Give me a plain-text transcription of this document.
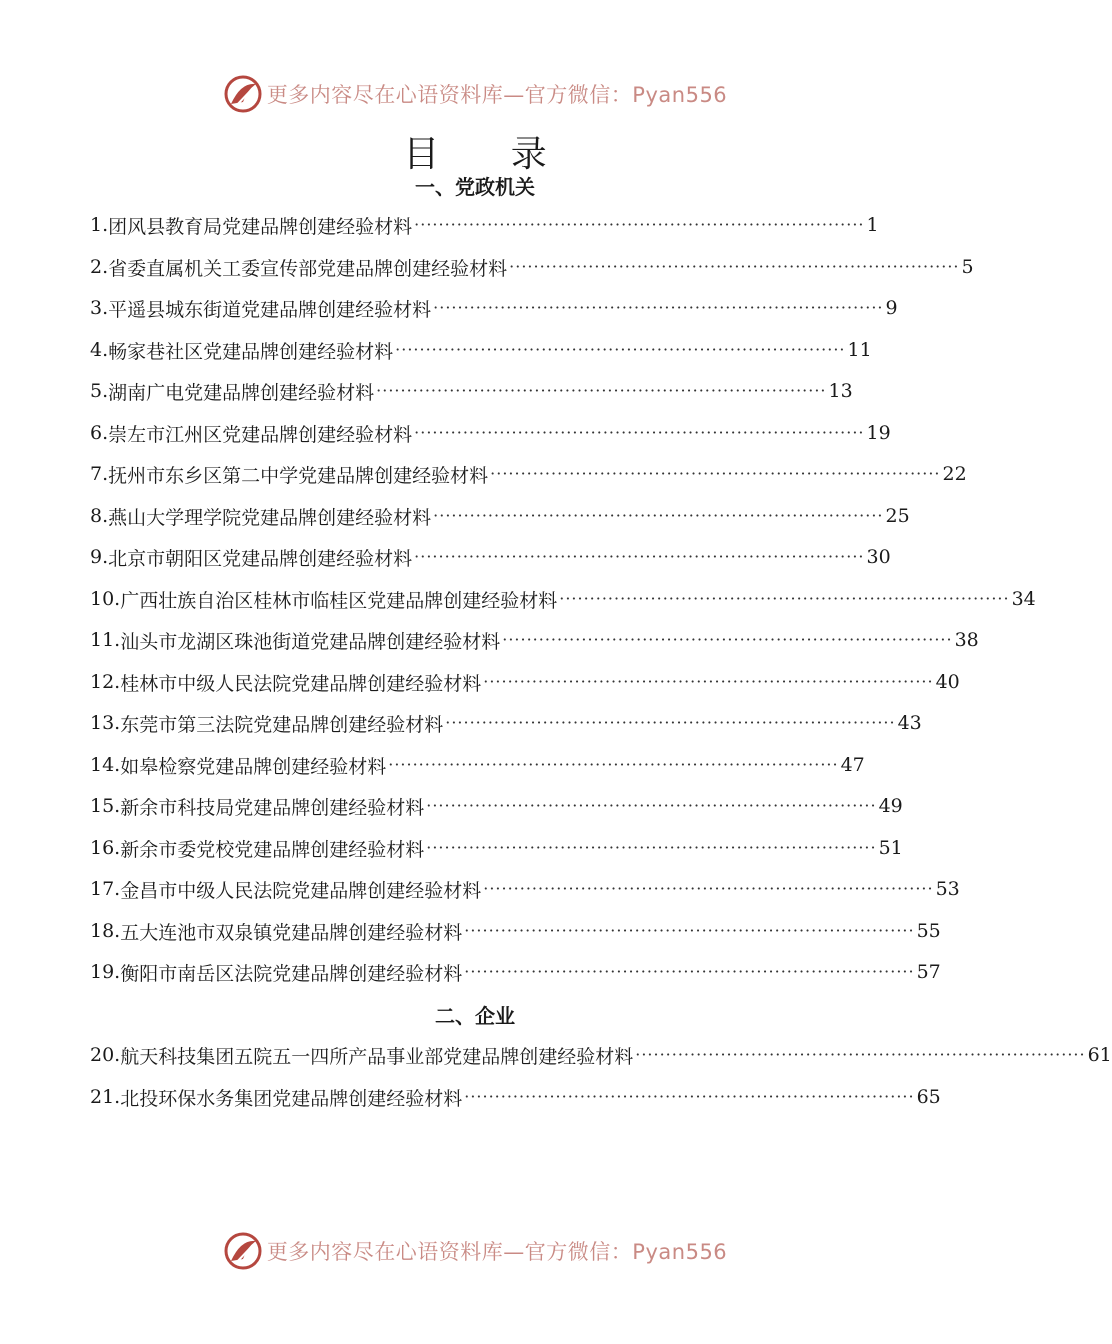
更多内容尽在心语资料库—官方微信：Pyan556
目 录
一、党政机关
二、企业
1. 团风县教育局党建品牌创建经验材料 ·········································································· 1
2. 省委直属机关工委宣传部党建品牌创建经验材料 ·········································································· 5
3. 平遥县城东街道党建品牌创建经验材料 ·········································································· 9
4. 畅家巷社区党建品牌创建经验材料 ·········································································· 11
5. 湖南广电党建品牌创建经验材料 ·········································································· 13
6. 崇左市江州区党建品牌创建经验材料 ·········································································· 19
7. 抚州市东乡区第二中学党建品牌创建经验材料 ·········································································· 22
8. 燕山大学理学院党建品牌创建经验材料 ·········································································· 25
9. 北京市朝阳区党建品牌创建经验材料 ·········································································· 30
10. 广西壮族自治区桂林市临桂区党建品牌创建经验材料 ·········································································· 34
11. 汕头市龙湖区珠池街道党建品牌创建经验材料 ·········································································· 38
12. 桂林市中级人民法院党建品牌创建经验材料 ·········································································· 40
13. 东莞市第三法院党建品牌创建经验材料 ·········································································· 43
14. 如皋检察党建品牌创建经验材料 ·········································································· 47
15. 新余市科技局党建品牌创建经验材料 ·········································································· 49
16. 新余市委党校党建品牌创建经验材料 ·········································································· 51
17. 金昌市中级人民法院党建品牌创建经验材料 ·········································································· 53
18. 五大连池市双泉镇党建品牌创建经验材料 ·········································································· 55
19. 衡阳市南岳区法院党建品牌创建经验材料 ·········································································· 57
20. 航天科技集团五院五一四所产品事业部党建品牌创建经验材料 ·········································································· 61
21. 北投环保水务集团党建品牌创建经验材料 ·········································································· 65
更多内容尽在心语资料库—官方微信：Pyan556
